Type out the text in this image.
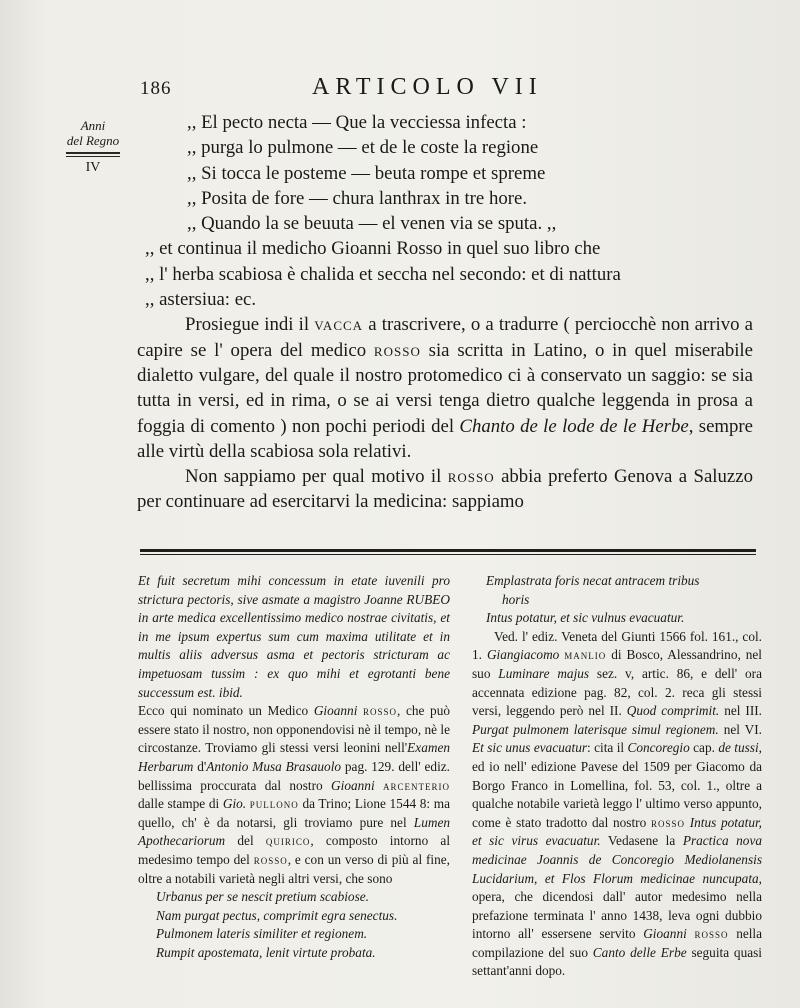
186	ARTICOLO VII
Anni
del Regno
IV

,, El pecto necta — Que la vecciessa infecta :

,, purga lo pulmone — et de le coste la regione

,, Si tocca le posteme — beuta rompe et spreme

,, Posita de fore — chura lanthrax in tre hore.

,, Quando la se beuuta — el venen via se sputa. ,,

,, et continua il medicho Gioanni Rosso in quel suo libro che

,, l' herba scabiosa è chalida et seccha nel secondo: et di nattura

,, astersiua: ec.

Prosiegue indi il vacca a trascrivere, o a tradurre ( perciocchè non arrivo a capire se l' opera del medico rosso sia scritta in Latino, o in quel miserabile dialetto vulgare, del quale il nostro protomedico ci à conservato un saggio: se sia tutta in versi, ed in rima, o se ai versi tenga dietro qualche leggenda in prosa a foggia di comento ) non pochi periodi del Chanto de le lode de le Herbe, sempre alle virtù della scabiosa sola relativi.

Non sappiamo per qual motivo il rosso abbia preferto Genova a Saluzzo per continuare ad esercitarvi la medicina: sappiamo

Et fuit secretum mihi concessum in etate iuvenili pro strictura pectoris, sive asmate a magistro Joanne RUBEO in arte medica excellentissimo medico nostrae civitatis, et in me ipsum expertus sum cum maxima utilitate et in multis aliis adversus asma et pectoris stricturam ac impetuosam tussim : ex quo mihi et egrotanti bene successum est. ibid.

Ecco qui nominato un Medico Gioanni rosso, che può essere stato il nostro, non opponendovisi nè il tempo, nè le circostanze. Troviamo gli stessi versi leonini nell'Examen Herbarum d'Antonio Musa Brasauolo pag. 129. dell' ediz. bellissima proccurata dal nostro Gioanni arcenterio dalle stampe di Gio. pullono da Trino; Lione 1544 8: ma quello, ch' è da notarsi, gli troviamo pure nel Lumen Apothecariorum del quirico, composto intorno al medesimo tempo del rosso, e con un verso di più al fine, oltre a notabili varietà negli altri versi, che sono

Urbanus per se nescit pretium scabiose.

Nam purgat pectus, comprimit egra senectus.

Pulmonem lateris similiter et regionem.

Rumpit apostemata, lenit virtute probata.

Emplastrata foris necat antracem tribus

horis

Intus potatur, et sic vulnus evacuatur.

Ved. l' ediz. Veneta del Giunti 1566 fol. 161., col. 1. Giangiacomo manlio di Bosco, Alessandrino, nel suo Luminare majus sez. v, artic. 86, e dell' ora accennata edizione pag. 82, col. 2. reca gli stessi versi, leggendo però nel II. Quod comprimit. nel III. Purgat pulmonem laterisque simul regionem. nel VI. Et sic unus evacuatur: cita il Concoregio cap. de tussi, ed io nell' edizione Pavese del 1509 per Giacomo da Borgo Franco in Lomellina, fol. 53, col. 1., oltre a qualche notabile varietà leggo l' ultimo verso appunto, come è stato tradotto dal nostro rosso Intus potatur, et sic virus evacuatur. Vedasene la Practica nova medicinae Joannis de Concoregio Mediolanensis Lucidarium, et Flos Florum medicinae nuncupata, opera, che dicendosi dall' autor medesimo nella prefazione terminata l' anno 1438, leva ogni dubbio intorno all' essersene servito Gioanni rosso nella compilazione del suo Canto delle Erbe seguita quasi settant'anni dopo.
